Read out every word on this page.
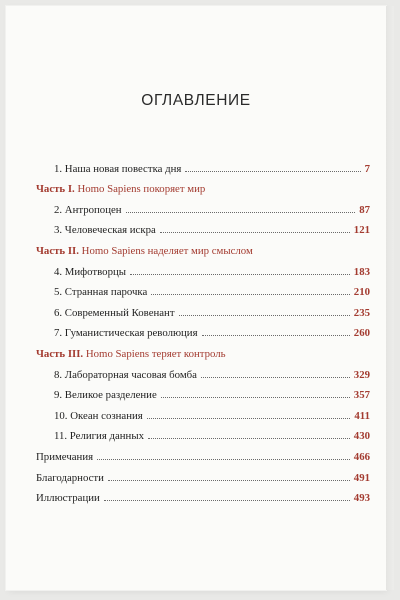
ОГЛАВЛЕНИЕ
1. Наша новая повестка дня	7
Часть I. Homo Sapiens покоряет мир
2. Антропоцен	87
3. Человеческая искра	121
Часть II. Homo Sapiens наделяет мир смыслом
4. Мифотворцы	183
5. Странная парочка	210
6. Современный Ковенант	235
7. Гуманистическая революция	260
Часть III. Homo Sapiens теряет контроль
8. Лабораторная часовая бомба	329
9. Великое разделение	357
10. Океан сознания	411
11. Религия данных	430
Примечания	466
Благодарности	491
Иллюстрации	493
